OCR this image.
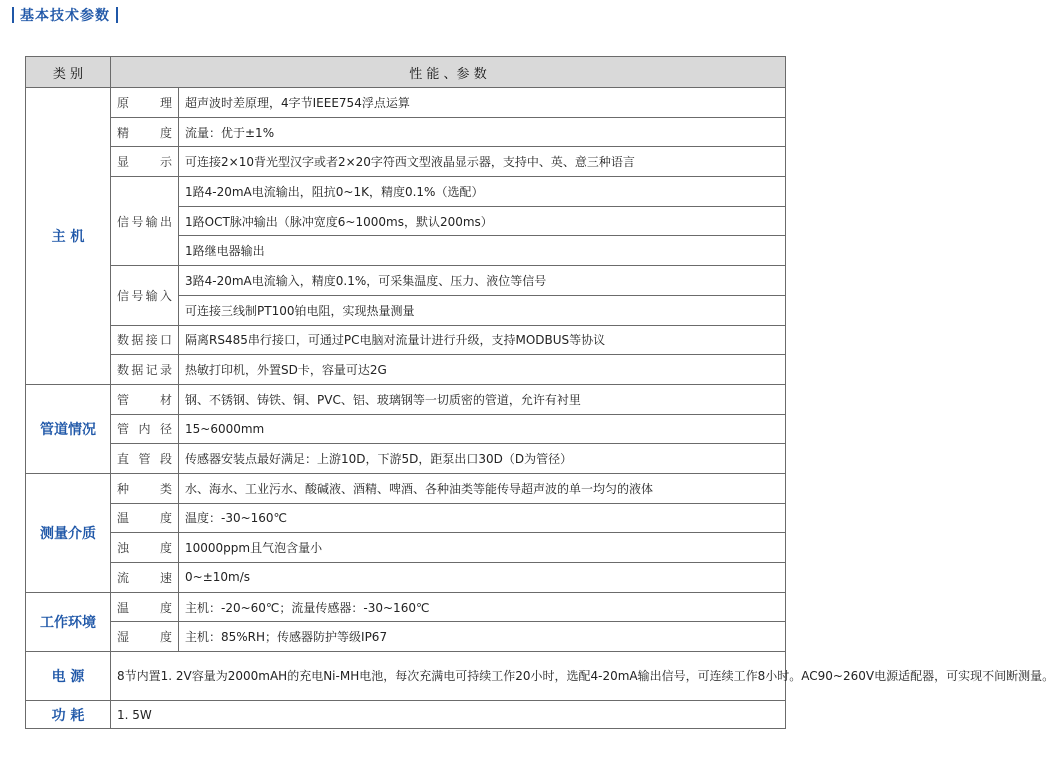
基本技术参数
类 别	性 能 、参 数	
主 机	原理	超声波时差原理，4字节IEEE754浮点运算
	精度	流量：优于±1%
	显示	可连接2×10背光型汉字或者2×20字符西文型液晶显示器，支持中、英、意三种语言
	信号输出	1路4-20mA电流输出，阻抗0~1K，精度0.1%（选配）
		1路OCT脉冲输出（脉冲宽度6~1000ms，默认200ms）
		1路继电器输出
	信号输入	3路4-20mA电流输入，精度0.1%，可采集温度、压力、液位等信号
		可连接三线制PT100铂电阻，实现热量测量
	数据接口	隔离RS485串行接口，可通过PC电脑对流量计进行升级，支持MODBUS等协议
	数据记录	热敏打印机，外置SD卡，容量可达2G
管道情况	管材	钢、不锈钢、铸铁、铜、PVC、铝、玻璃钢等一切质密的管道，允许有衬里
	管内径	15~6000mm
	直管段	传感器安装点最好满足：上游10D，下游5D，距泵出口30D（D为管径）
测量介质	种类	水、海水、工业污水、酸碱液、酒精、啤酒、各种油类等能传导超声波的单一均匀的液体
	温度	温度：-30~160℃
	浊度	10000ppm且气泡含量小
	流速	0~±10m/s
工作环境	温度	主机：-20~60℃；流量传感器：-30~160℃
	湿度	主机：85%RH；传感器防护等级IP67
电 源	8节内置1. 2V容量为2000mAH的充电Ni-MH电池，每次充满电可持续工作20小时，选配4-20mA输出信号，可连续工作8小时。AC90~260V电源适配器，可实现不间断测量。	
功 耗	1. 5W	
